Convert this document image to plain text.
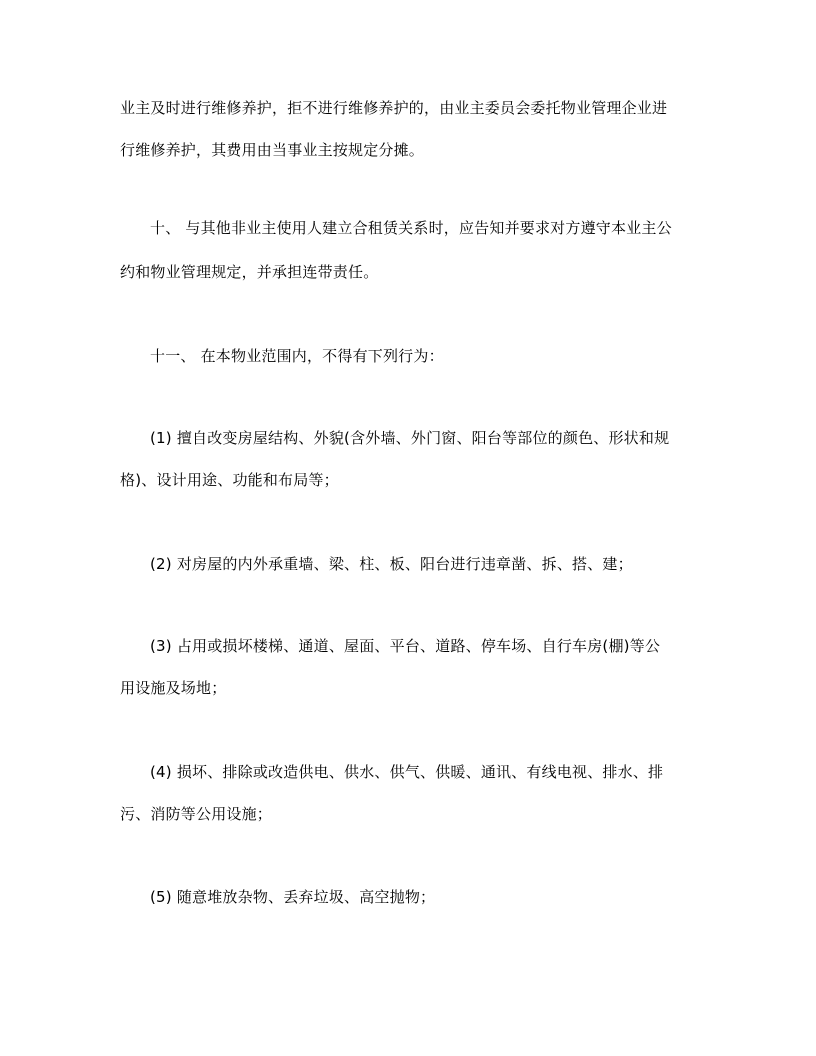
业主及时进行维修养护，拒不进行维修养护的，由业主委员会委托物业管理企业进
行维修养护，其费用由当事业主按规定分摊。
十、 与其他非业主使用人建立合租赁关系时，应告知并要求对方遵守本业主公
约和物业管理规定，并承担连带责任。
十一、 在本物业范围内，不得有下列行为：
(1) 擅自改变房屋结构、外貌(含外墙、外门窗、阳台等部位的颜色、形状和规
格)、设计用途、功能和布局等；
(2) 对房屋的内外承重墙、梁、柱、板、阳台进行违章凿、拆、搭、建；
(3) 占用或损坏楼梯、通道、屋面、平台、道路、停车场、自行车房(棚)等公
用设施及场地；
(4) 损坏、排除或改造供电、供水、供气、供暖、通讯、有线电视、排水、排
污、消防等公用设施；
(5) 随意堆放杂物、丢弃垃圾、高空抛物；
